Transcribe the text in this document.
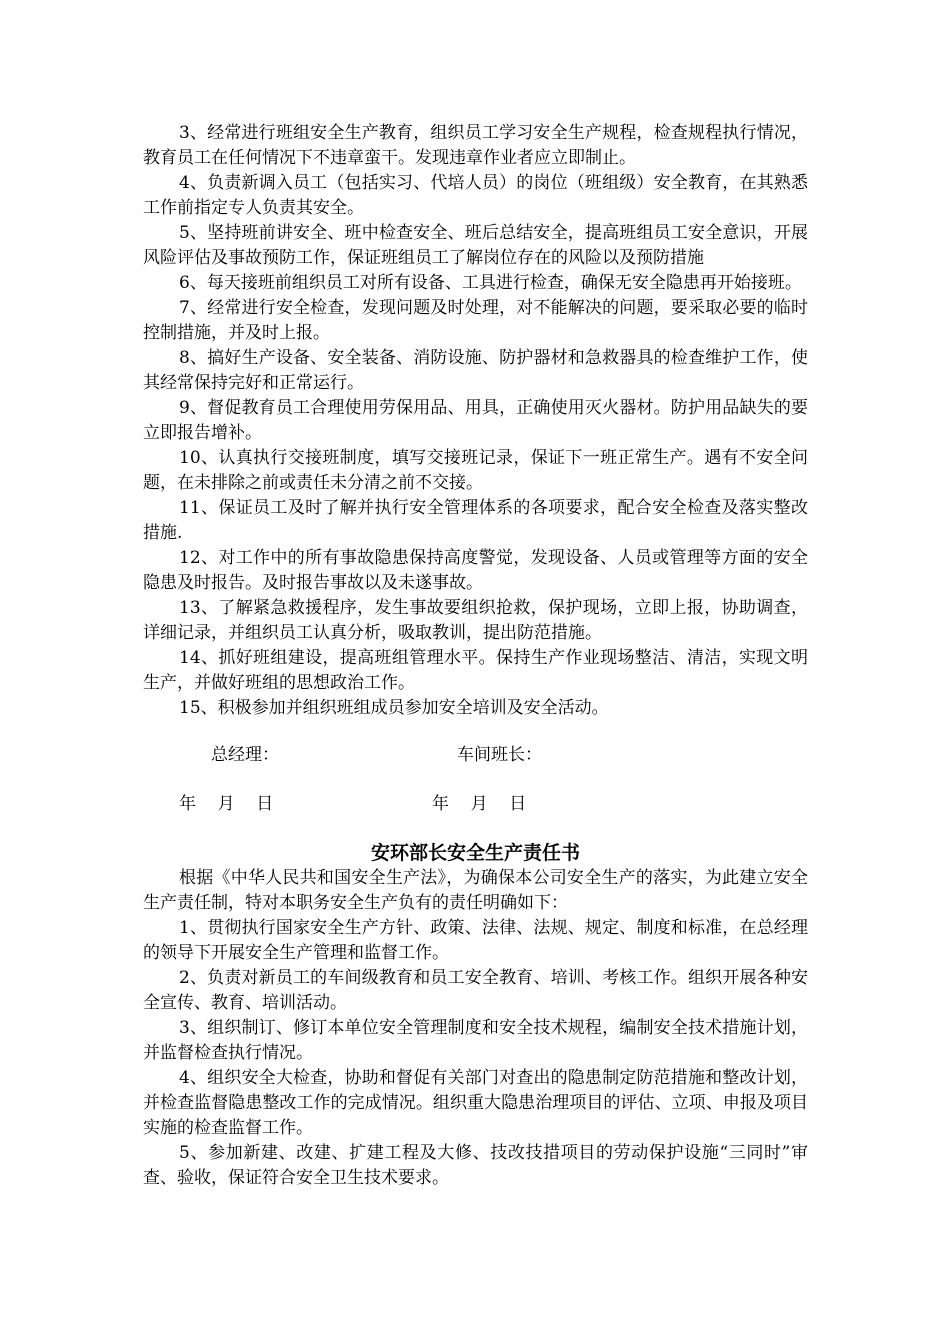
3、经常进行班组安全生产教育，组织员工学习安全生产规程，检查规程执行情况，教育员工在任何情况下不违章蛮干。发现违章作业者应立即制止。

4、负责新调入员工（包括实习、代培人员）的岗位（班组级）安全教育，在其熟悉工作前指定专人负责其安全。

5、坚持班前讲安全、班中检查安全、班后总结安全，提高班组员工安全意识，开展风险评估及事故预防工作，保证班组员工了解岗位存在的风险以及预防措施

6、每天接班前组织员工对所有设备、工具进行检查，确保无安全隐患再开始接班。

7、经常进行安全检查，发现问题及时处理，对不能解决的问题，要采取必要的临时控制措施，并及时上报。

8、搞好生产设备、安全装备、消防设施、防护器材和急救器具的检查维护工作，使其经常保持完好和正常运行。

9、督促教育员工合理使用劳保用品、用具，正确使用灭火器材。防护用品缺失的要立即报告增补。

10、认真执行交接班制度，填写交接班记录，保证下一班正常生产。遇有不安全问题，在未排除之前或责任未分清之前不交接。

11、保证员工及时了解并执行安全管理体系的各项要求，配合安全检查及落实整改措施.

12、对工作中的所有事故隐患保持高度警觉，发现设备、人员或管理等方面的安全隐患及时报告。及时报告事故以及未遂事故。

13、了解紧急救援程序，发生事故要组织抢救，保护现场，立即上报，协助调查，详细记录，并组织员工认真分析，吸取教训，提出防范措施。

14、抓好班组建设，提高班组管理水平。保持生产作业现场整洁、清洁，实现文明生产，并做好班组的思想政治工作。

15、积极参加并组织班组成员参加安全培训及安全活动。

总经理：	车间班长：
年    月    日	年    月    日
安环部长安全生产责任书

根据《中华人民共和国安全生产法》，为确保本公司安全生产的落实，为此建立安全生产责任制，特对本职务安全生产负有的责任明确如下：

1、贯彻执行国家安全生产方针、政策、法律、法规、规定、制度和标准，在总经理的领导下开展安全生产管理和监督工作。

2、负责对新员工的车间级教育和员工安全教育、培训、考核工作。组织开展各种安全宣传、教育、培训活动。

3、组织制订、修订本单位安全管理制度和安全技术规程，编制安全技术措施计划，并监督检查执行情况。

4、组织安全大检查，协助和督促有关部门对查出的隐患制定防范措施和整改计划，并检查监督隐患整改工作的完成情况。组织重大隐患治理项目的评估、立项、申报及项目实施的检查监督工作。

5、参加新建、改建、扩建工程及大修、技改技措项目的劳动保护设施“三同时”审查、验收，保证符合安全卫生技术要求。
